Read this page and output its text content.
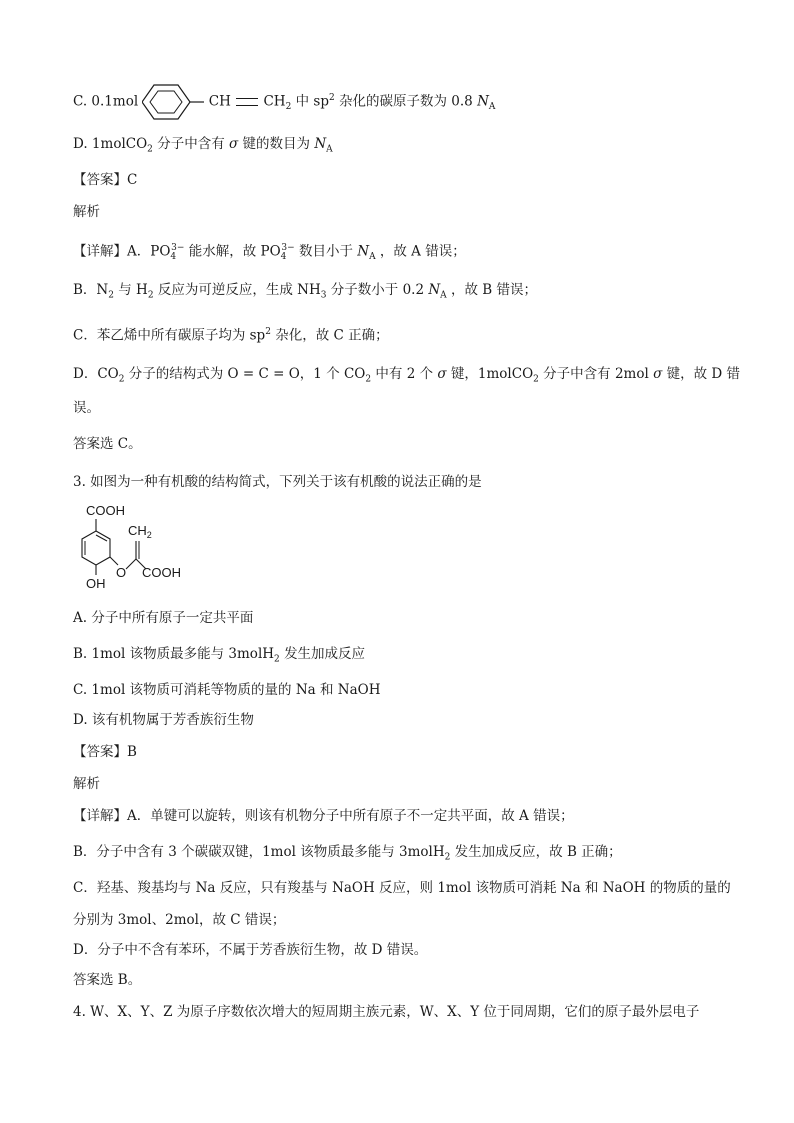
C. 0.1mol	CH $CH_2$ 中 $sp^2$ 杂化的碳原子数为 0.8 $N_A$
D. 1molCO$_2$ 分子中含有 σ 键的数目为 $N_A$
【答案】C
解析
【详解】A．$PO_4^{3-}$ 能水解，故 $PO_4^{3-}$ 数目小于 $N_A$ ，故 A 错误；
B．$N_2$ 与 $H_2$ 反应为可逆反应，生成 $NH_3$ 分子数小于 0.2 $N_A$ ，故 B 错误；
C．苯乙烯中所有碳原子均为 $sp^2$ 杂化，故 C 正确；
D．$CO_2$ 分子的结构式为 O = C = O，1 个 $CO_2$ 中有 2 个 σ 键，1molCO$_2$ 分子中含有 2mol σ 键，故 D 错
误。
答案选 C。
3. 如图为一种有机酸的结构简式，下列关于该有机酸的说法正确的是
COOH
OH
O
$CH_2$
COOH
A. 分子中所有原子一定共平面
B. 1mol 该物质最多能与 3molH$_2$ 发生加成反应
C. 1mol 该物质可消耗等物质的量的 Na 和 NaOH
D. 该有机物属于芳香族衍生物
【答案】B
解析
【详解】A．单键可以旋转，则该有机物分子中所有原子不一定共平面，故 A 错误；
B．分子中含有 3 个碳碳双键，1mol 该物质最多能与 3molH$_2$ 发生加成反应，故 B 正确；
C．羟基、羧基均与 Na 反应，只有羧基与 NaOH 反应，则 1mol 该物质可消耗 Na 和 NaOH 的物质的量的
分别为 3mol、2mol，故 C 错误；
D．分子中不含有苯环，不属于芳香族衍生物，故 D 错误。
答案选 B。
4. W、X、Y、Z 为原子序数依次增大的短周期主族元素，W、X、Y 位于同周期，它们的原子最外层电子
